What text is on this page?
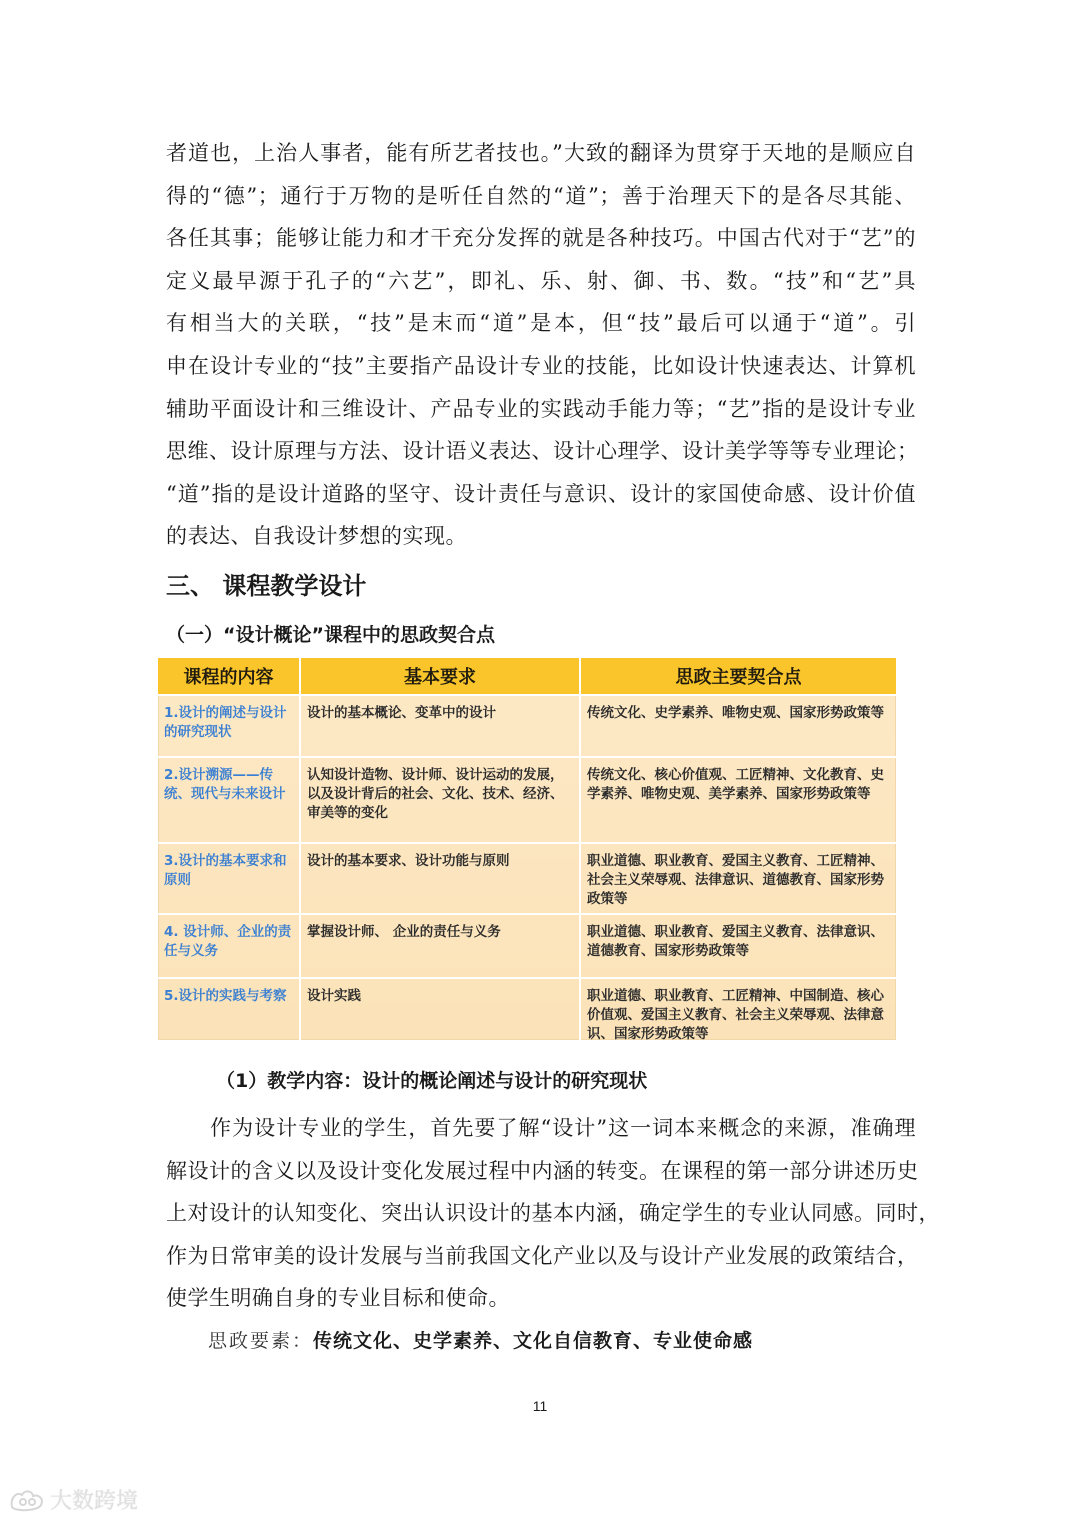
者道也，上治人事者，能有所艺者技也。”大致的翻译为贯穿于天地的是顺应自
得的“德”；通行于万物的是听任自然的“道”；善于治理天下的是各尽其能、
各任其事；能够让能力和才干充分发挥的就是各种技巧。中国古代对于“艺”的
定义最早源于孔子的“六艺”，即礼、乐、射、御、书、数。“技”和“艺”具
有相当大的关联，“技”是末而“道”是本，但“技”最后可以通于“道”。引
申在设计专业的“技”主要指产品设计专业的技能，比如设计快速表达、计算机
辅助平面设计和三维设计、产品专业的实践动手能力等；“艺”指的是设计专业
思维、设计原理与方法、设计语义表达、设计心理学、设计美学等等专业理论；
“道”指的是设计道路的坚守、设计责任与意识、设计的家国使命感、设计价值
的表达、自我设计梦想的实现。
三、 课程教学设计
（一）“设计概论”课程中的思政契合点
课程的内容	基本要求	思政主要契合点
1.设计的阐述与设计的研究现状	设计的基本概论、变革中的设计	传统文化、史学素养、唯物史观、国家形势政策等
2.设计溯源——传统、现代与未来设计	认知设计造物、设计师、设计运动的发展，以及设计背后的社会、文化、技术、经济、审美等的变化	传统文化、核心价值观、工匠精神、文化教育、史学素养、唯物史观、美学素养、国家形势政策等
3.设计的基本要求和原则	设计的基本要求、设计功能与原则	职业道德、职业教育、爱国主义教育、工匠精神、社会主义荣辱观、法律意识、道德教育、国家形势政策等
4. 设计师、企业的责任与义务	掌握设计师、 企业的责任与义务	职业道德、职业教育、爱国主义教育、法律意识、道德教育、国家形势政策等
5.设计的实践与考察	设计实践	职业道德、职业教育、工匠精神、中国制造、核心价值观、爱国主义教育、社会主义荣辱观、法律意识、国家形势政策等
（1）教学内容：设计的概论阐述与设计的研究现状
　　作为设计专业的学生，首先要了解“设计”这一词本来概念的来源，准确理
解设计的含义以及设计变化发展过程中内涵的转变。在课程的第一部分讲述历史
上对设计的认知变化、突出认识设计的基本内涵，确定学生的专业认同感。同时，
作为日常审美的设计发展与当前我国文化产业以及与设计产业发展的政策结合，
使学生明确自身的专业目标和使命。
思政要素：传统文化、史学素养、文化自信教育、专业使命感
11
大数跨境
